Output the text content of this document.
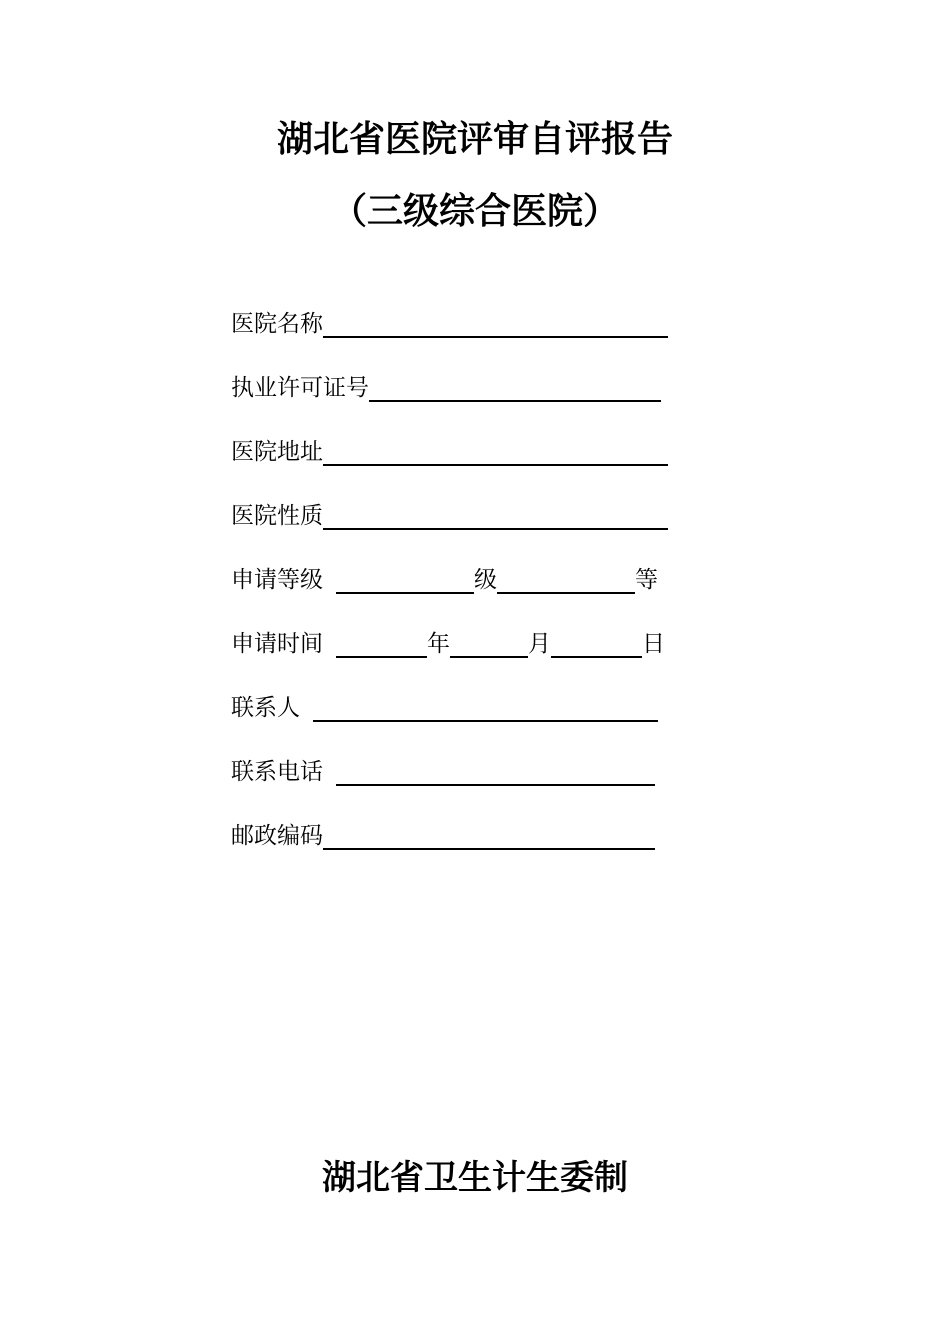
湖北省医院评审自评报告
（三级综合医院）
医院名称
执业许可证号
医院地址
医院性质
申请等级	级	等
申请时间	年	月	日
联系人
联系电话
邮政编码
湖北省卫生计生委制
